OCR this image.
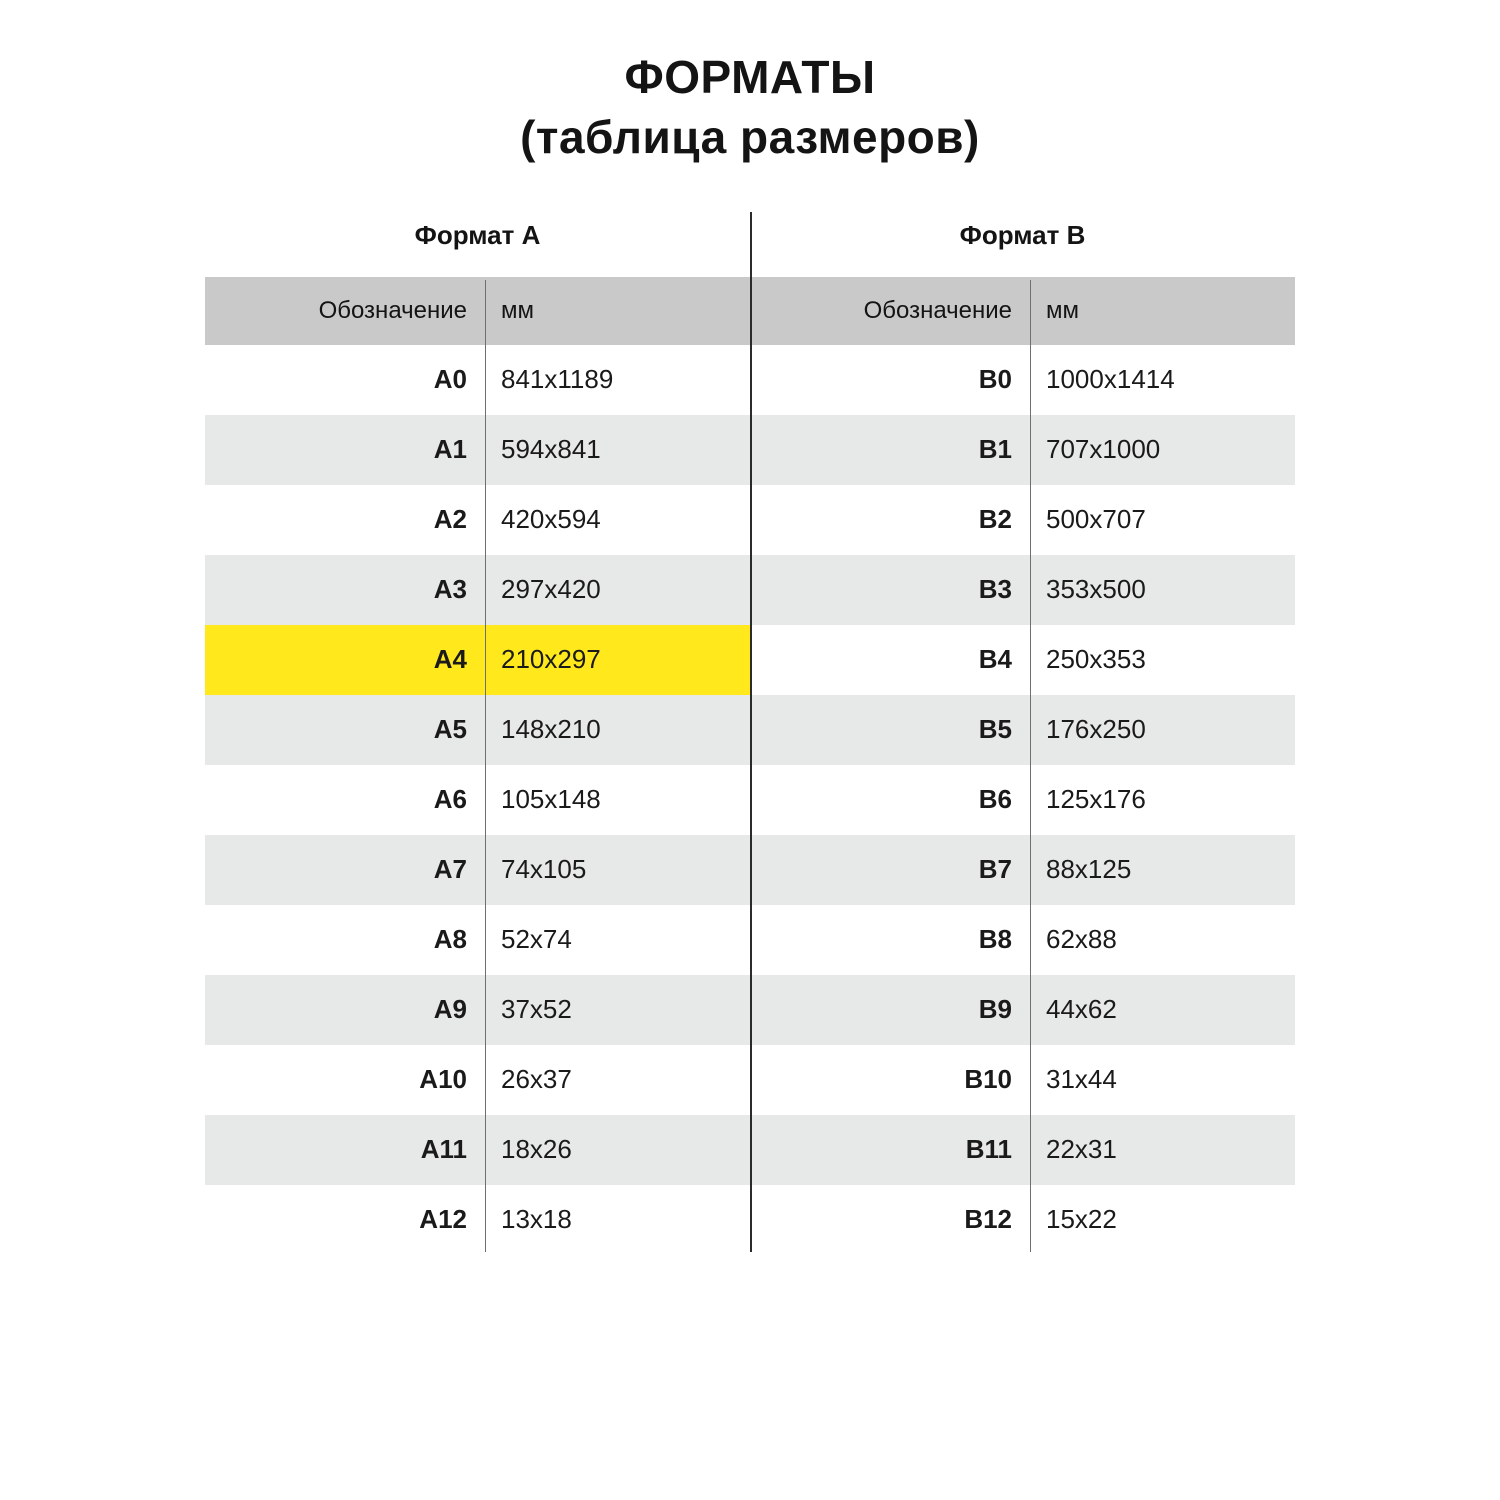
ФОРМАТЫ
(таблица размеров)
Формат А		Формат В	
Обозначение	мм	Обозначение	мм
A0	841x1189	B0	1000x1414
A1	594x841	B1	707x1000
A2	420x594	B2	500x707
A3	297x420	B3	353x500
A4	210x297	B4	250x353
A5	148x210	B5	176x250
A6	105x148	B6	125x176
A7	74x105	B7	88x125
A8	52x74	B8	62x88
A9	37x52	B9	44x62
A10	26x37	B10	31x44
A11	18x26	B11	22x31
A12	13x18	B12	15x22
